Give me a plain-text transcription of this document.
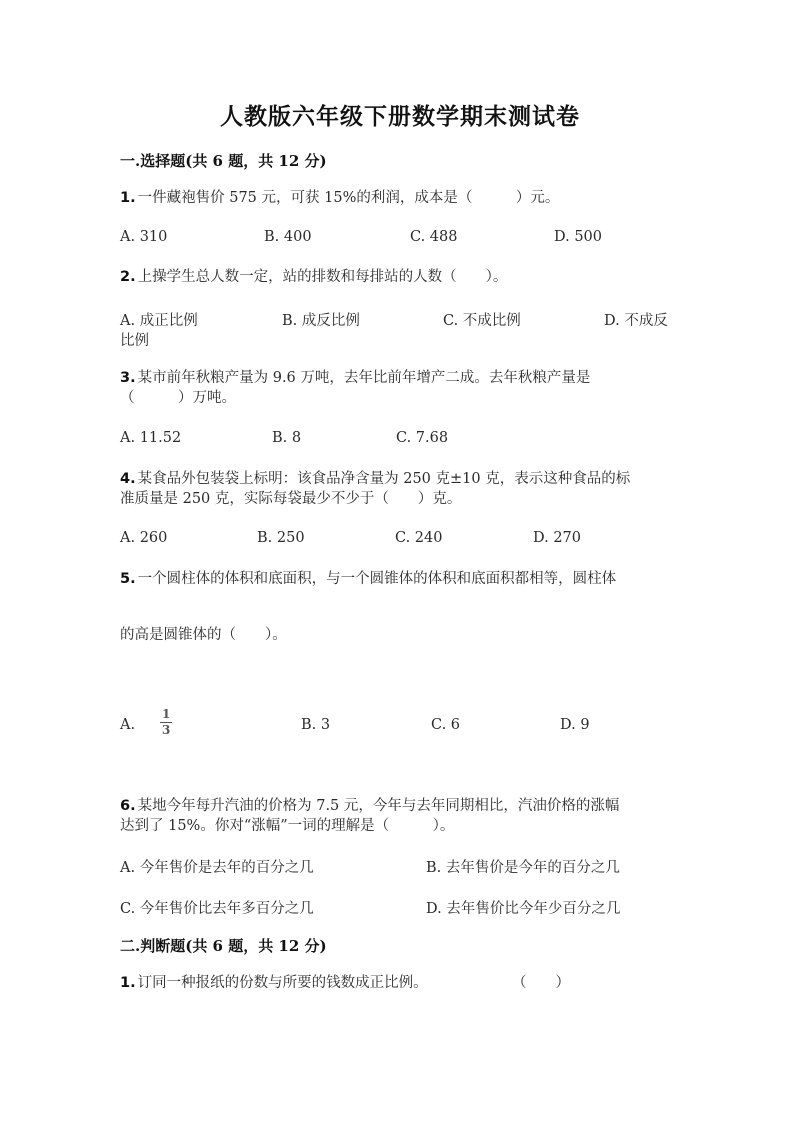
人教版六年级下册数学期末测试卷
一.选择题(共 6 题，共 12 分)
1. 一件藏袍售价 575 元，可获 15%的利润，成本是（　　　）元。
A. 310	B. 400	C. 488	D. 500
2. 上操学生总人数一定，站的排数和每排站的人数（　　）。
A. 成正比例	B. 成反比例	C. 不成比例	D. 不成反
比例
3. 某市前年秋粮产量为 9.6 万吨，去年比前年增产二成。去年秋粮产量是
（　　　）万吨。
A. 11.52	B. 8	C. 7.68
4. 某食品外包装袋上标明：该食品净含量为 250 克±10 克，表示这种食品的标
准质量是 250 克，实际每袋最少不少于（　　）克。
A. 260	B. 250	C. 240	D. 270
5. 一个圆柱体的体积和底面积，与一个圆锥体的体积和底面积都相等，圆柱体
的高是圆锥体的（　　）。
A. $\frac{1}{3}$	B. 3	C. 6	D. 9
6. 某地今年每升汽油的价格为 7.5 元，今年与去年同期相比，汽油价格的涨幅
达到了 15%。你对“涨幅”一词的理解是（　　　）。
A. 今年售价是去年的百分之几	B. 去年售价是今年的百分之几
C. 今年售价比去年多百分之几	D. 去年售价比今年少百分之几
二.判断题(共 6 题，共 12 分)
1. 订同一种报纸的份数与所要的钱数成正比例。	（　　）
